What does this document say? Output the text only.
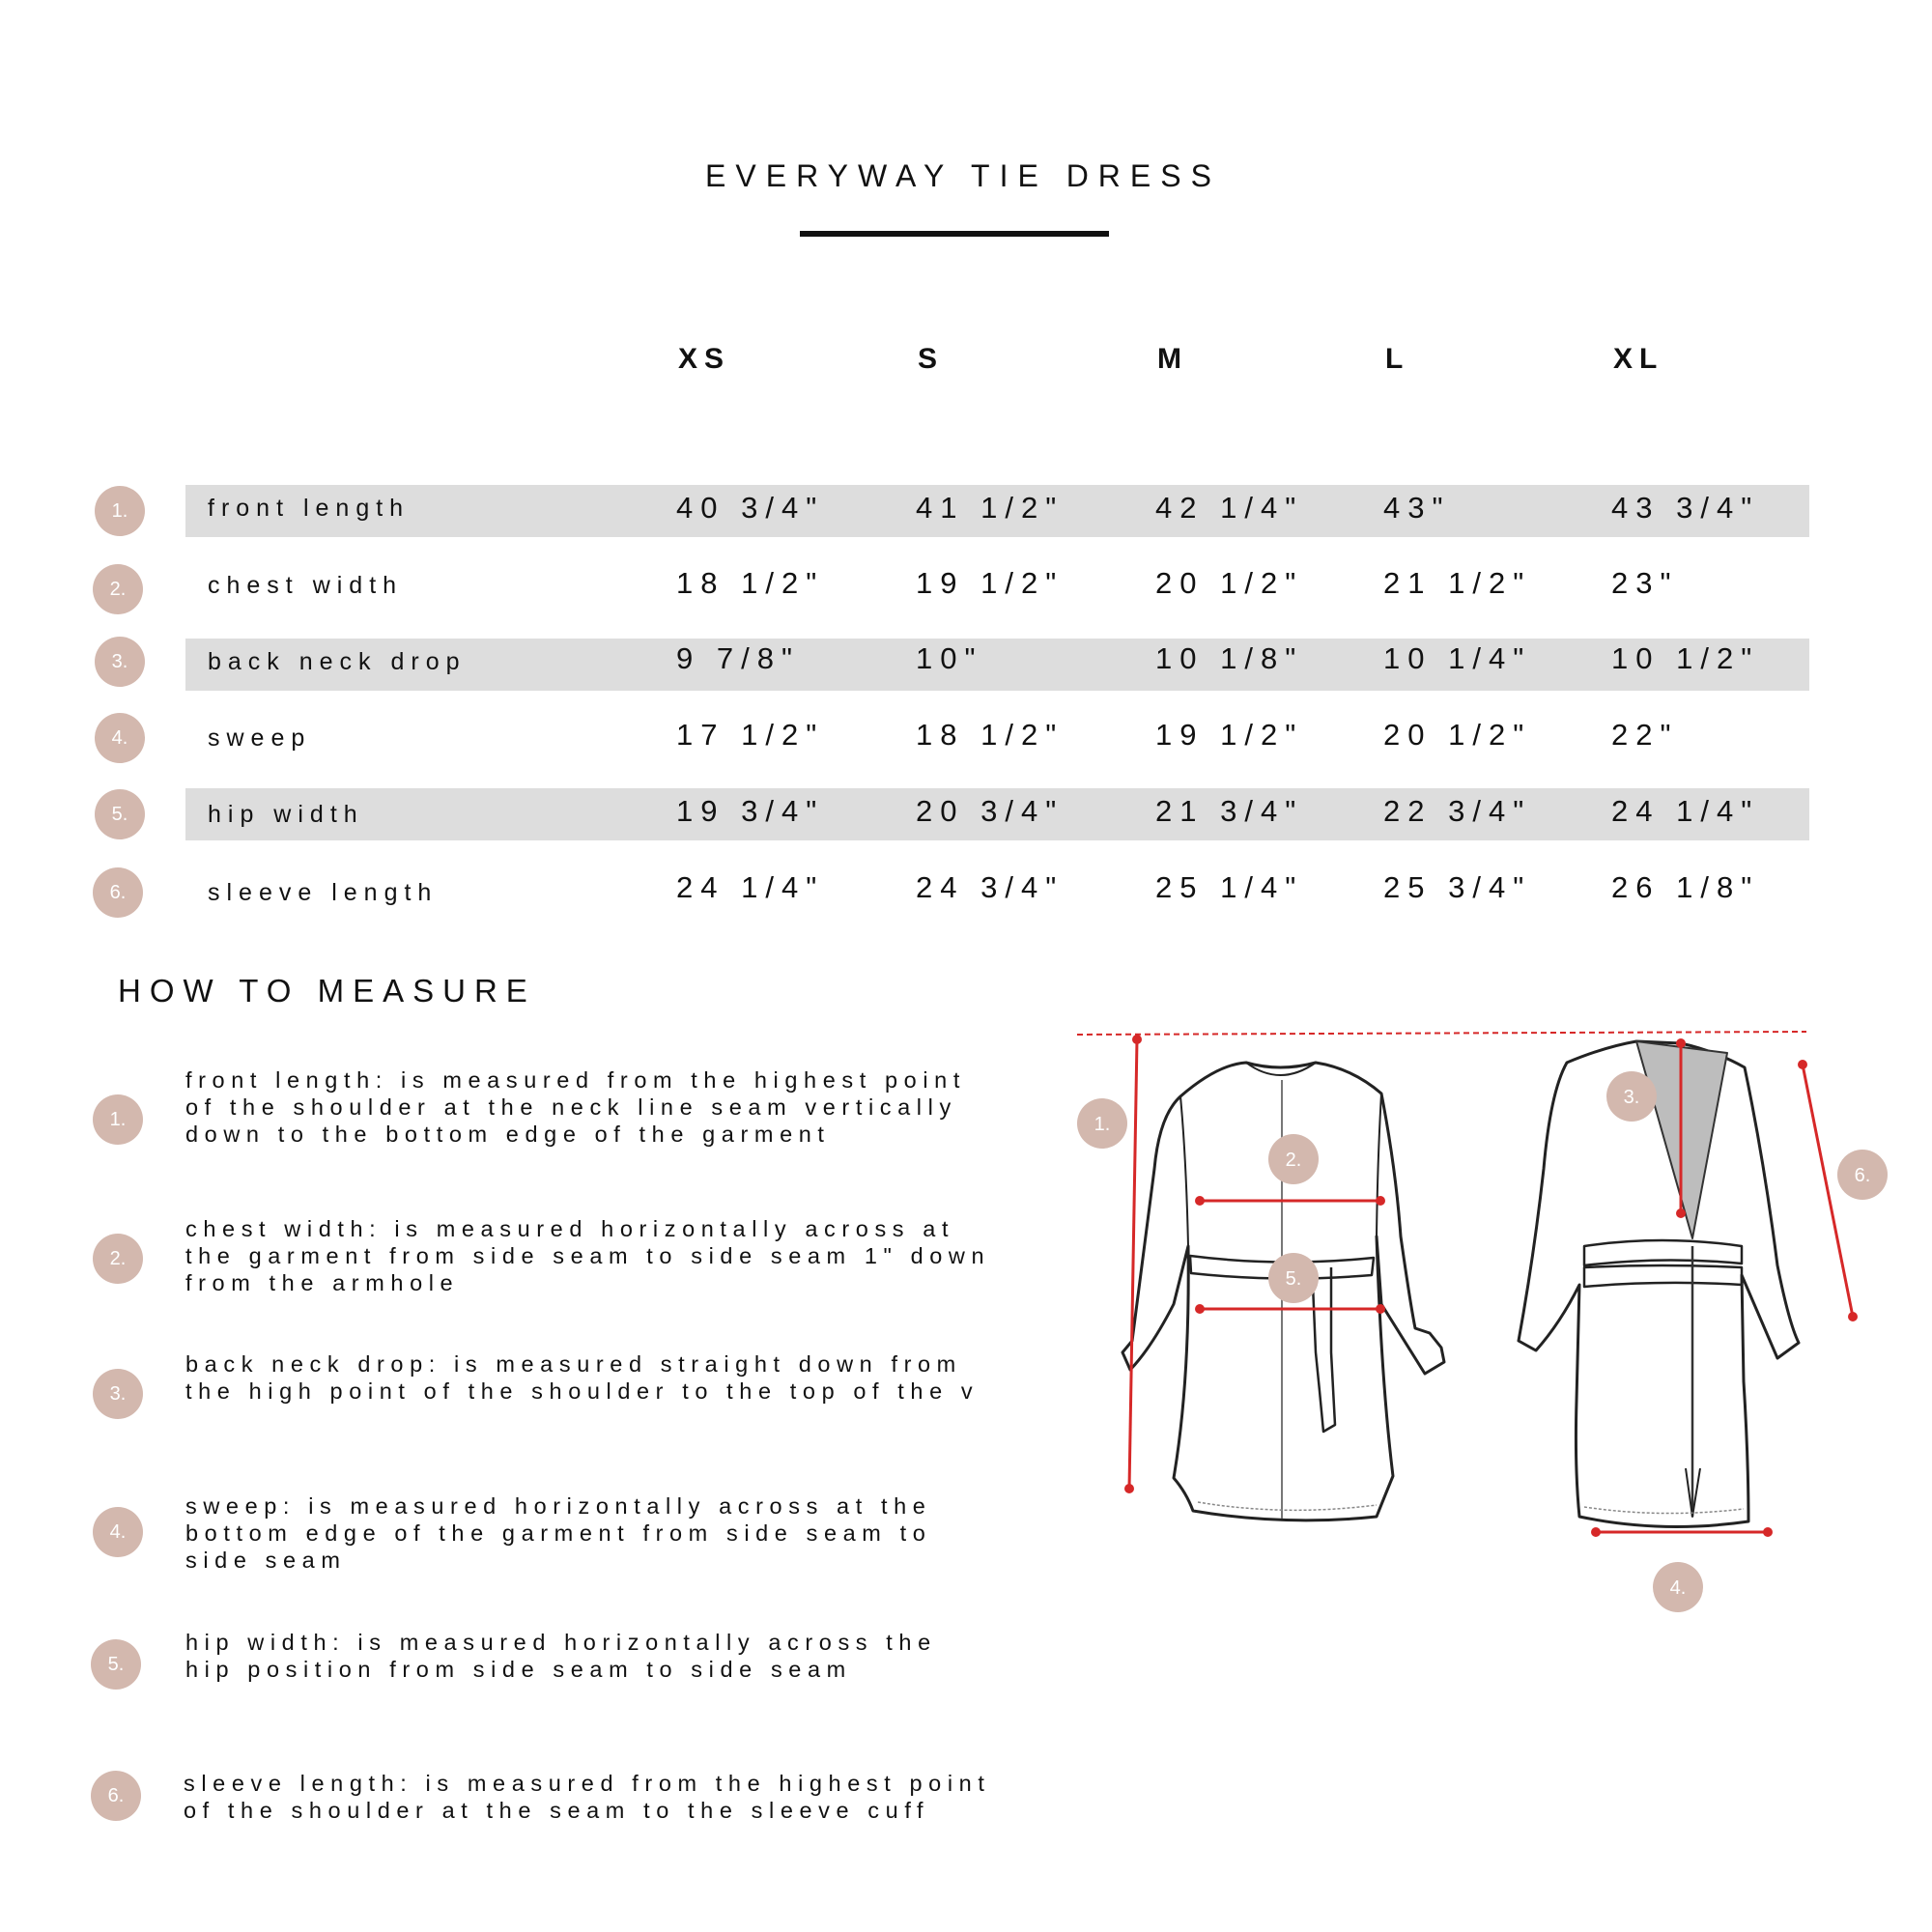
EVERYWAY TIE DRESS
XS	S	M	L	XL
1.	front length	40 3/4"	41 1/2"	42 1/4"	43"	43 3/4"
2.	chest width	18 1/2"	19 1/2"	20 1/2"	21 1/2"	23"
3.	back neck drop	9 7/8"	10"	10 1/8"	10 1/4"	10 1/2"
4.	sweep	17 1/2"	18 1/2"	19 1/2"	20 1/2"	22"
5.	hip width	19 3/4"	20 3/4"	21 3/4"	22 3/4"	24 1/4"
6.	sleeve length	24 1/4"	24 3/4"	25 1/4"	25 3/4"	26 1/8"
HOW TO MEASURE
1.
front length: is measured from the highest point of the shoulder at the neck line seam vertically down to the bottom edge of the garment
2.
chest width: is measured horizontally across at the garment from side seam to side seam 1" down from the armhole
3.
back neck drop: is measured straight down from the high point of the shoulder to the top of the v
4.
sweep: is measured horizontally across at the bottom edge of the garment from side seam to side seam
5.
hip width: is measured horizontally across the hip position from side seam to side seam
6.	sleeve length: is measured from the highest point of the shoulder at the seam to the sleeve cuff
1.
2.
3.
4.
5.
6.
